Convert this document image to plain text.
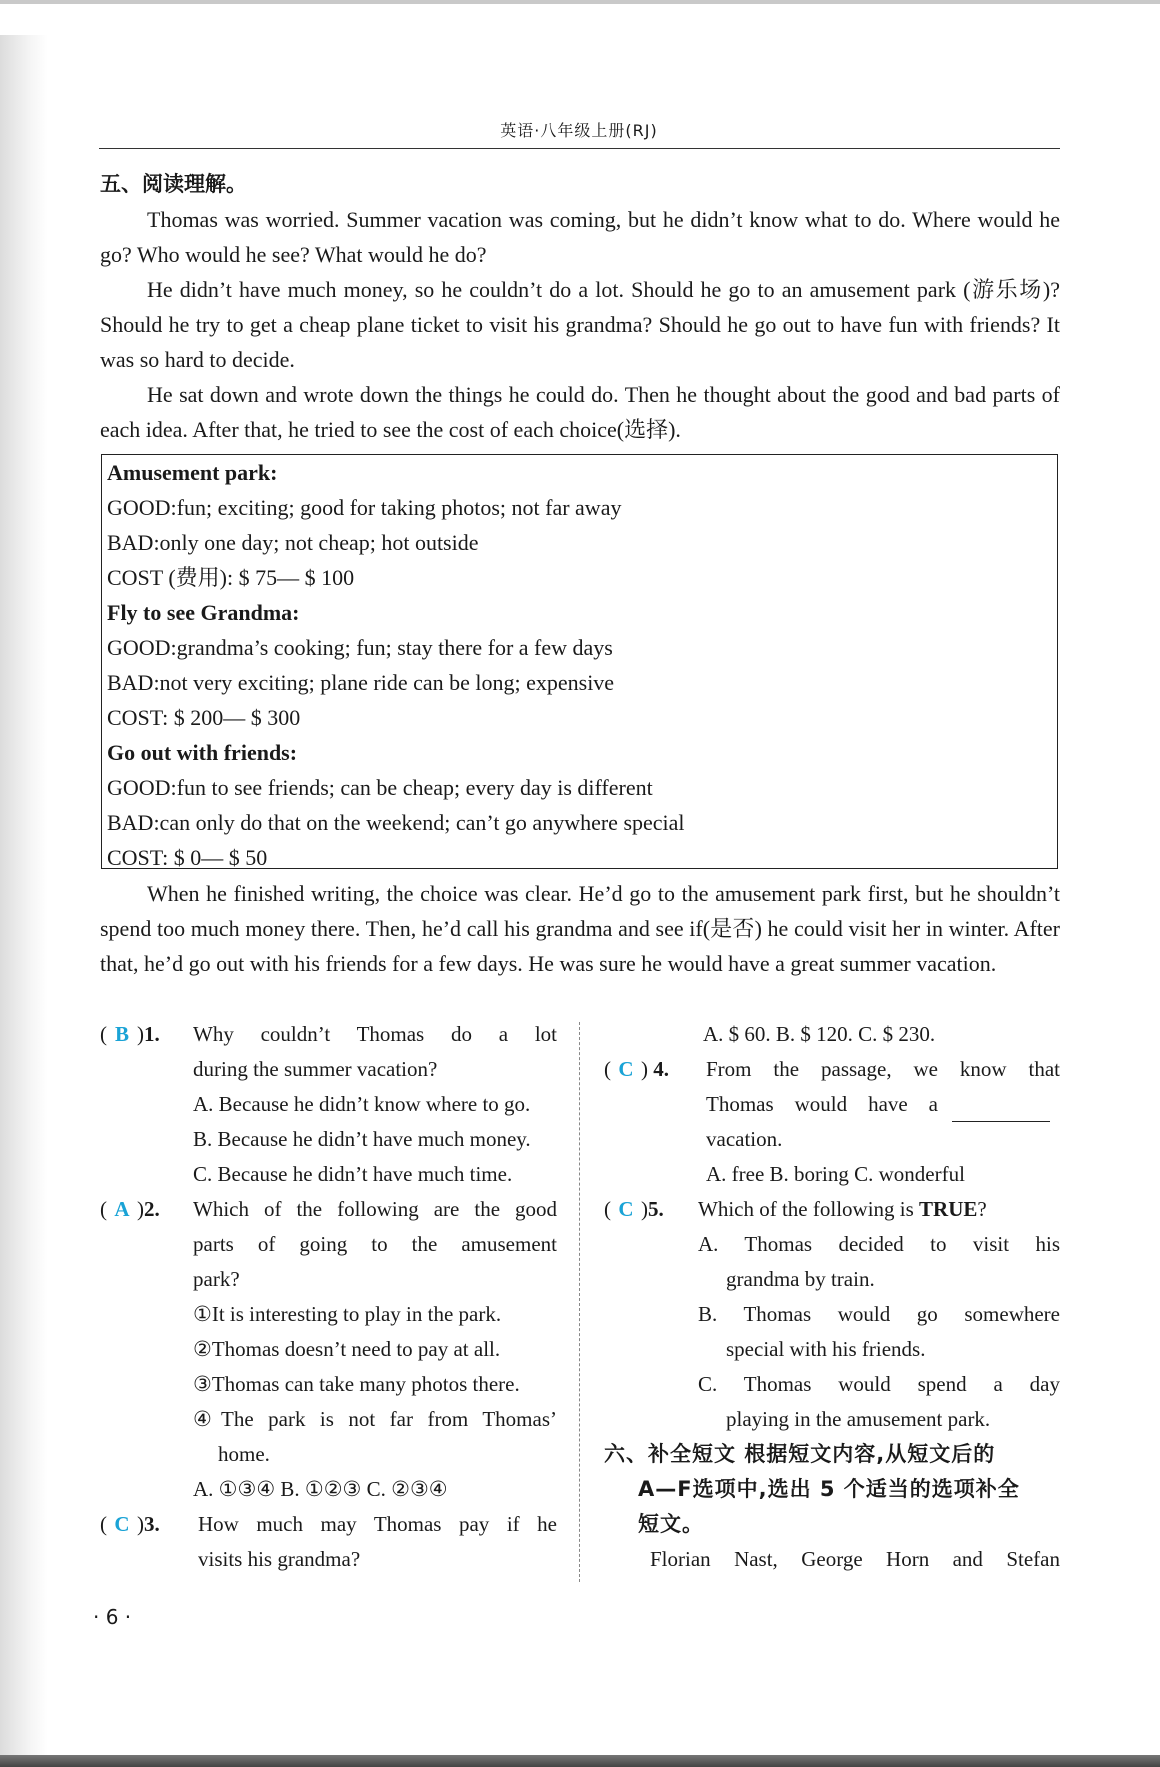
英语·八年级上册(RJ)
五、阅读理解。

Thomas was worried. Summer vacation was coming, but he didn’t know what to do. Where would he go? Who would he see? What would he do?

He didn’t have much money, so he couldn’t do a lot. Should he go to an amusement park (游乐场)? Should he try to get a cheap plane ticket to visit his grandma? Should he go out to have fun with friends? It was so hard to decide.

He sat down and wrote down the things he could do. Then he thought about the good and bad parts of each idea. After that, he tried to see the cost of each choice(选择).

Amusement park:
GOOD:fun; exciting; good for taking photos; not far away
BAD:only one day; not cheap; hot outside
COST (费用): $ 75— $ 100
Fly to see Grandma:
GOOD:grandma’s cooking; fun; stay there for a few days
BAD:not very exciting; plane ride can be long; expensive
COST: $ 200— $ 300
Go out with friends:
GOOD:fun to see friends; can be cheap; every day is different
BAD:can only do that on the weekend; can’t go anywhere special
COST: $ 0— $ 50

When he finished writing, the choice was clear. He’d go to the amusement park first, but he shouldn’t spend too much money there. Then, he’d call his grandma and see if(是否) he could visit her in winter. After that, he’d go out with his friends for a few days. He was sure he would have a great summer vacation.

( B )1. Why couldn’t Thomas do a lot
during the summer vacation?
A. Because he didn’t know where to go.
B. Because he didn’t have much money.
C. Because he didn’t have much time.
( A )2. Which of the following are the good
parts of going to the amusement
park?
①It is interesting to play in the park.
②Thomas doesn’t need to pay at all.
③Thomas can take many photos there.
④The park is not far from Thomas’
home.
A. ①③④ B. ①②③ C. ②③④
( C )3. How much may Thomas pay if he
visits his grandma?
A. $ 60. B. $ 120. C. $ 230.
( C ) 4. From the passage, we know that
Thomas would have a
vacation.
A. free B. boring C. wonderful
( C )5. Which of the following is TRUE?
A. Thomas decided to visit his
grandma by train.
B. Thomas would go somewhere
special with his friends.
C. Thomas would spend a day
playing in the amusement park.
六、补全短文 根据短文内容,从短文后的
A—F选项中,选出 5 个适当的选项补全
短文。
Florian Nast, George Horn and Stefan
· 6 ·
